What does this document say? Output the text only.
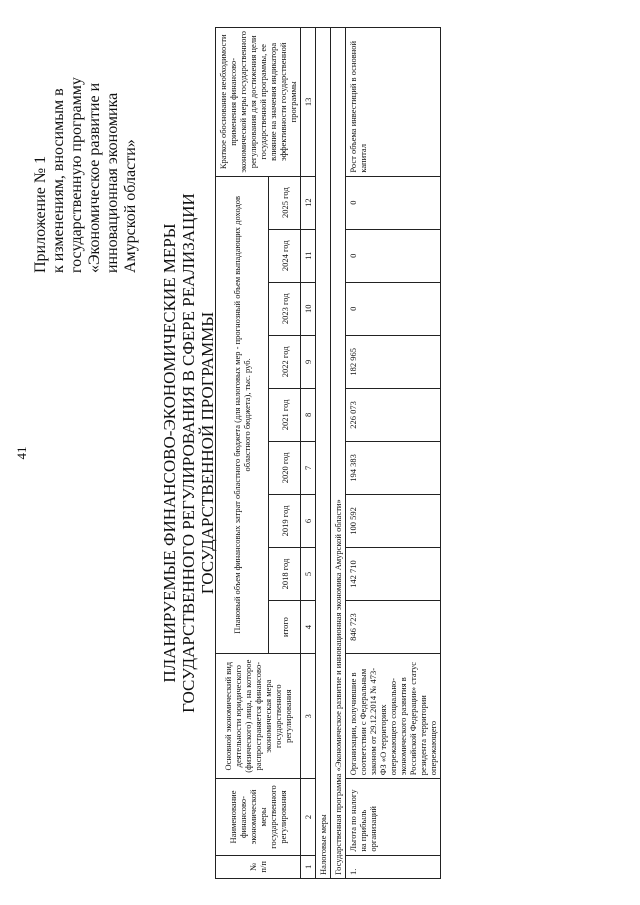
41
Приложение № 1 к изменениям, вносимым в государственную программу «Экономическое развитие и инновационная экономика Амурской области»
ПЛАНИРУЕМЫЕ ФИНАНСОВО-ЭКОНОМИЧЕСКИЕ МЕРЫ ГОСУДАРСТВЕННОГО РЕГУЛИРОВАНИЯ В СФЕРЕ РЕАЛИЗАЦИИ ГОСУДАРСТВЕННОЙ ПРОГРАММЫ
№ п/п	Наименование финансово-экономической меры государственного регулирования	Основной экономический вид деятельности юридического (физического) лица, на которое распространяется финансово-экономическая мера государственного регулирования	Плановый объем финансовых затрат областного бюджета (для налоговых мер - прогнозный объем выпадающих доходов областного бюджета), тыс. руб.									Краткое обоснование необходимости применения финансово-экономической меры государственного регулирования для достижения цели государственной программы, ее влияние на значения индикатора эффективности государственной программы
			итого	2018 год	2019 год	2020 год	2021 год	2022 год	2023 год	2024 год	2025 год	
1	2	3	4	5	6	7	8	9	10	11	12	13
Налоговые меры												
Государственная программа «Экономическое развитие и инновационная экономика Амурской области»												
1.	Льгота по налогу на прибыль организаций	Организации, получившие в соответствии с Федеральным законом от 29.12.2014 № 473-ФЗ «О территориях опережающего социально-экономического развития в Российской Федерации» статус резидента территории опережающего	846 723	142 710	100 592	194 383	226 073	182 965	0	0	0	Рост объема инвестиций в основной капитал
